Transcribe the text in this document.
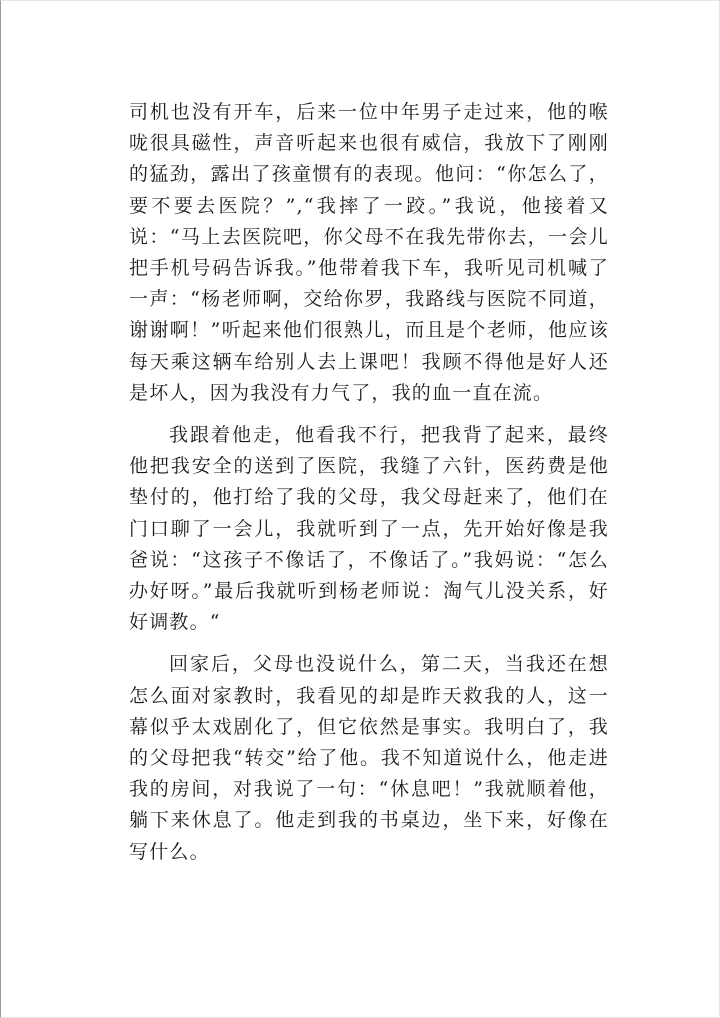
司机也没有开车，后来一位中年男子走过来，他的喉咙很具磁性，声音听起来也很有威信，我放下了刚刚的猛劲，露出了孩童惯有的表现。他问：“你怎么了，要不要去医院？”,“我摔了一跤。”我说，他接着又说：“马上去医院吧，你父母不在我先带你去，一会儿把手机号码告诉我。”他带着我下车，我听见司机喊了一声：“杨老师啊，交给你罗，我路线与医院不同道，谢谢啊！”听起来他们很熟儿，而且是个老师，他应该每天乘这辆车给别人去上课吧！我顾不得他是好人还是坏人，因为我没有力气了，我的血一直在流。

我跟着他走，他看我不行，把我背了起来，最终他把我安全的送到了医院，我缝了六针，医药费是他垫付的，他打给了我的父母，我父母赶来了，他们在门口聊了一会儿，我就听到了一点，先开始好像是我爸说：“这孩子不像话了，不像话了。”我妈说：“怎么办好呀。”最后我就听到杨老师说：淘气儿没关系，好好调教。“

回家后，父母也没说什么，第二天，当我还在想怎么面对家教时，我看见的却是昨天救我的人，这一幕似乎太戏剧化了，但它依然是事实。我明白了，我的父母把我“转交”给了他。我不知道说什么，他走进我的房间，对我说了一句：“休息吧！”我就顺着他，躺下来休息了。他走到我的书桌边，坐下来，好像在写什么。
